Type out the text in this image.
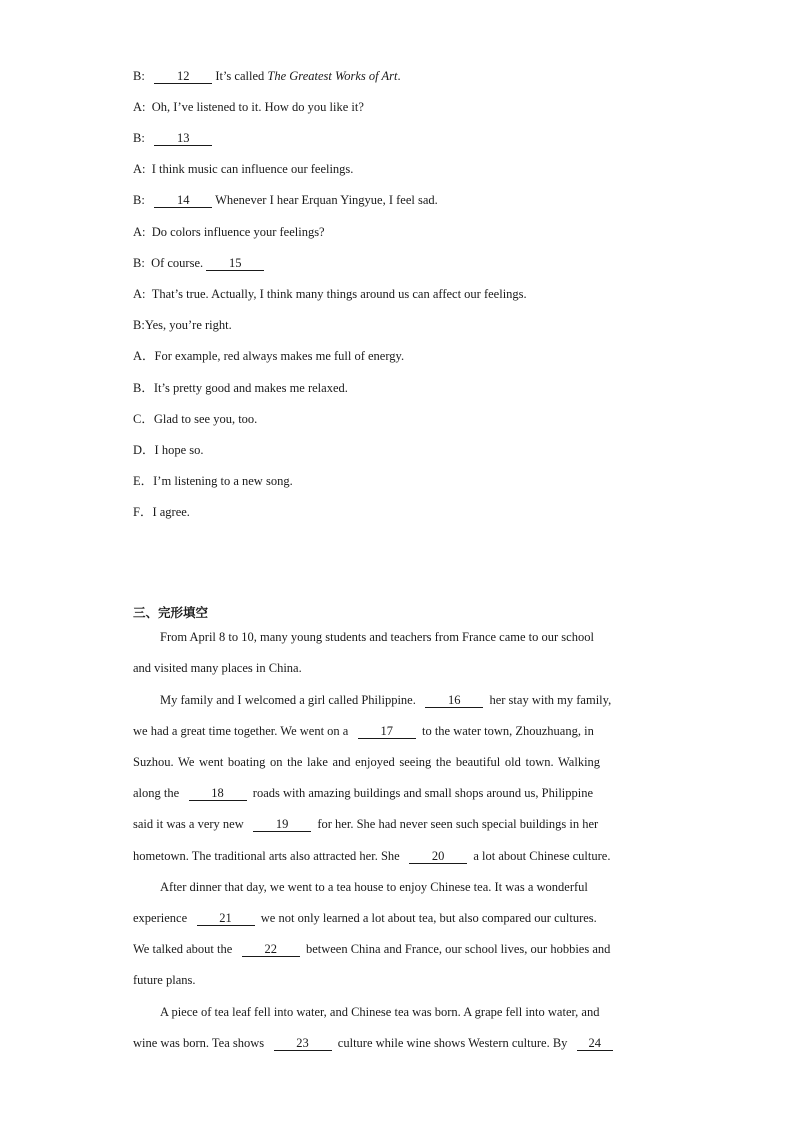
B:	12 It’s called The Greatest Works of Art.
A: Oh, I’ve listened to it. How do you like it?
B:	13
A: I think music can influence our feelings.
B:	14 Whenever I hear Erquan Yingyue, I feel sad.
A: Do colors influence your feelings?
B: Of course. 15
A: That’s true. Actually, I think many things around us can affect our feelings.
B:Yes, you’re right.
A．For example, red always makes me full of energy.
B．It’s pretty good and makes me relaxed.
C．Glad to see you, too.
D．I hope so.
E．I’m listening to a new song.
F．I agree.
三、完形填空
From April 8 to 10, many young students and teachers from France came to our school
and visited many places in China.
My family and I welcomed a girl called Philippine.	16 her stay with my family,
we had a great time together. We went on a	17 to the water town, Zhouzhuang, in
Suzhou. We went boating on the lake and enjoyed seeing the beautiful old town. Walking
along the	18 roads with amazing buildings and small shops around us, Philippine
said it was a very new	19 for her. She had never seen such special buildings in her
hometown. The traditional arts also attracted her. She	20 a lot about Chinese culture.
After dinner that day, we went to a tea house to enjoy Chinese tea. It was a wonderful
experience	21 we not only learned a lot about tea, but also compared our cultures.
We talked about the	22 between China and France, our school lives, our hobbies and
future plans.
A piece of tea leaf fell into water, and Chinese tea was born. A grape fell into water, and
wine was born. Tea shows	23 culture while wine shows Western culture. By 24
